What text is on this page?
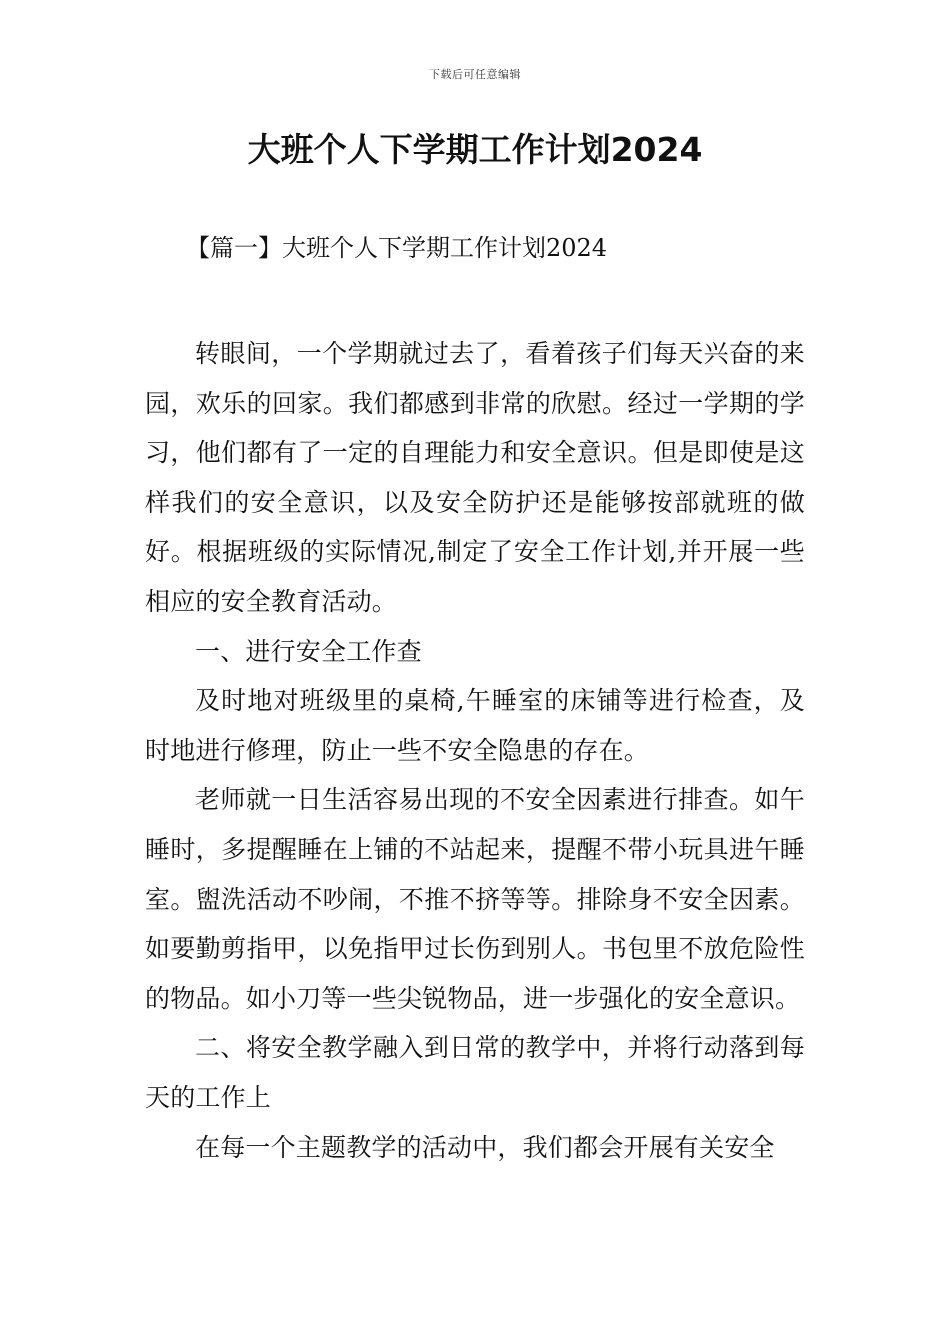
下载后可任意编辑
大班个人下学期工作计划2024
【篇一】大班个人下学期工作计划2024

转眼间，一个学期就过去了，看着孩子们每天兴奋的来园，欢乐的回家。我们都感到非常的欣慰。经过一学期的学习，他们都有了一定的自理能力和安全意识。但是即使是这样我们的安全意识，以及安全防护还是能够按部就班的做好。根据班级的实际情况,制定了安全工作计划,并开展一些相应的安全教育活动。

一、进行安全工作查

及时地对班级里的桌椅,午睡室的床铺等进行检查，及时地进行修理，防止一些不安全隐患的存在。

老师就一日生活容易出现的不安全因素进行排查。如午睡时，多提醒睡在上铺的不站起来，提醒不带小玩具进午睡室。盥洗活动不吵闹，不推不挤等等。排除身不安全因素。如要勤剪指甲，以免指甲过长伤到别人。书包里不放危险性的物品。如小刀等一些尖锐物品，进一步强化的安全意识。

二、将安全教学融入到日常的教学中，并将行动落到每天的工作上

在每一个主题教学的活动中，我们都会开展有关安全
